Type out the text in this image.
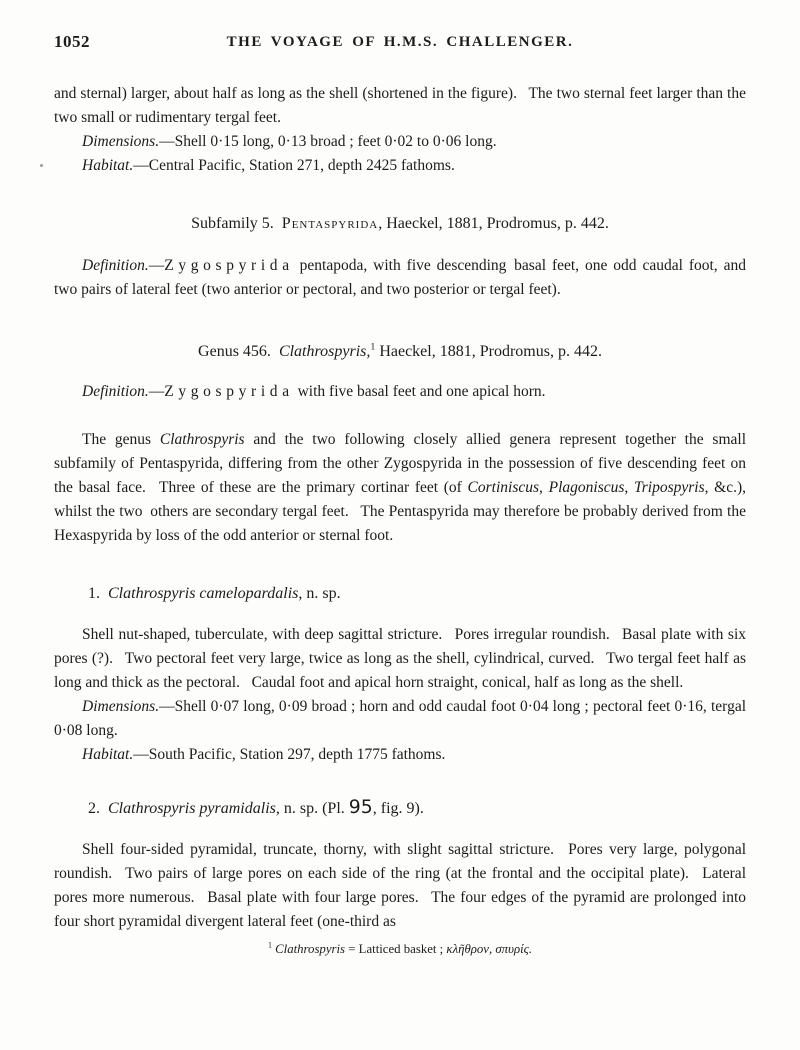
1052	THE VOYAGE OF H.M.S. CHALLENGER.

and sternal) larger, about half as long as the shell (shortened in the figure).  The two sternal feet larger than the two small or rudimentary tergal feet.

Dimensions.—Shell 0·15 long, 0·13 broad ; feet 0·02 to 0·06 long.

Habitat.—Central Pacific, Station 271, depth 2425 fathoms.

Subfamily 5. Pentaspyrida, Haeckel, 1881, Prodromus, p. 442.

Definition.—Zygospyrida pentapoda, with five descending basal feet, one odd caudal foot, and two pairs of lateral feet (two anterior or pectoral, and two posterior or tergal feet).

Genus 456. Clathrospyris,$^1$ Haeckel, 1881, Prodromus, p. 442.

Definition.—Zygospyrida with five basal feet and one apical horn.

The genus Clathrospyris and the two following closely allied genera represent together the small subfamily of Pentaspyrida, differing from the other Zygospyrida in the possession of five descending feet on the basal face.  Three of these are the primary cortinar feet (of Cortiniscus, Plagoniscus, Tripospyris, &c.), whilst the two others are secondary tergal feet.  The Pentaspyrida may therefore be probably derived from the Hexaspyrida by loss of the odd anterior or sternal foot.

1. Clathrospyris camelopardalis, n. sp.

Shell nut-shaped, tuberculate, with deep sagittal stricture.  Pores irregular roundish.  Basal plate with six pores (?).  Two pectoral feet very large, twice as long as the shell, cylindrical, curved.  Two tergal feet half as long and thick as the pectoral.  Caudal foot and apical horn straight, conical, half as long as the shell.

Dimensions.—Shell 0·07 long, 0·09 broad ; horn and odd caudal foot 0·04 long ; pectoral feet 0·16, tergal 0·08 long.

Habitat.—South Pacific, Station 297, depth 1775 fathoms.

2. Clathrospyris pyramidalis, n. sp. (Pl. 95, fig. 9).

Shell four-sided pyramidal, truncate, thorny, with slight sagittal stricture.  Pores very large, polygonal roundish.  Two pairs of large pores on each side of the ring (at the frontal and the occipital plate).  Lateral pores more numerous.  Basal plate with four large pores.  The four edges of the pyramid are prolonged into four short pyramidal divergent lateral feet (one-third as

$^1$ Clathrospyris = Latticed basket ; κλῆθρον, σπυρίς.
